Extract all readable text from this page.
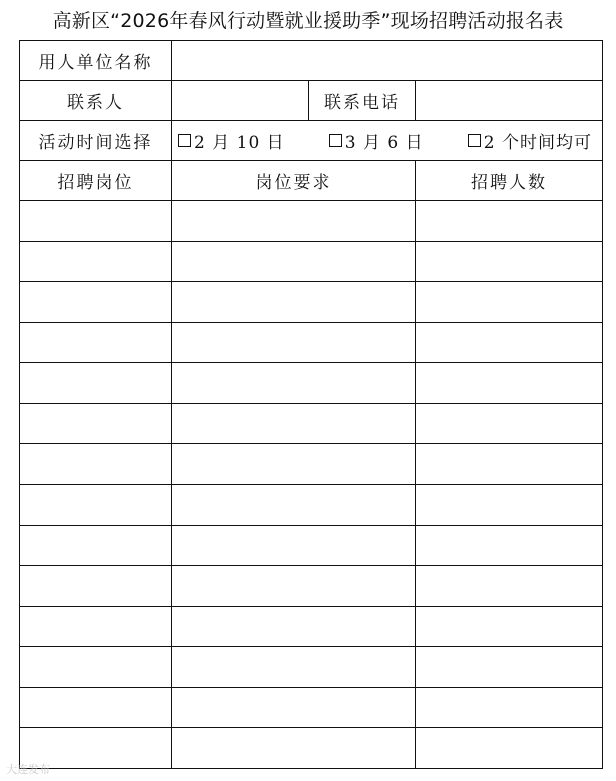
高新区“2026年春风行动暨就业援助季”现场招聘活动报名表
用人单位名称			
联系人		联系电话	
活动时间选择	2 月 10 日 3 月 6 日 2 个时间均可		

招聘岗位	岗位要求		招聘人数

大连发布
